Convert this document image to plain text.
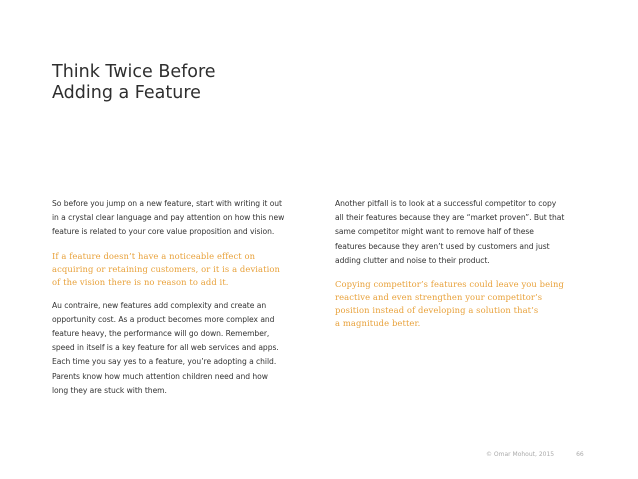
Think Twice Before
Adding a Feature

So before you jump on a new feature, start with writing it out
in a crystal clear language and pay attention on how this new
feature is related to your core value proposition and vision.

If a feature doesn’t have a noticeable effect on
acquiring or retaining customers, or it is a deviation
of the vision there is no reason to add it.

Au contraire, new features add complexity and create an
opportunity cost. As a product becomes more complex and
feature heavy, the performance will go down. Remember,
speed in itself is a key feature for all web services and apps.
Each time you say yes to a feature, you’re adopting a child.
Parents know how much attention children need and how
long they are stuck with them.

Another pitfall is to look at a successful competitor to copy
all their features because they are “market proven”. But that
same competitor might want to remove half of these
features because they aren’t used by customers and just
adding clutter and noise to their product.

Copying competitor’s features could leave you being
reactive and even strengthen your competitor’s
position instead of developing a solution that’s
a magnitude better.

© Omar Mohout, 2015	66
